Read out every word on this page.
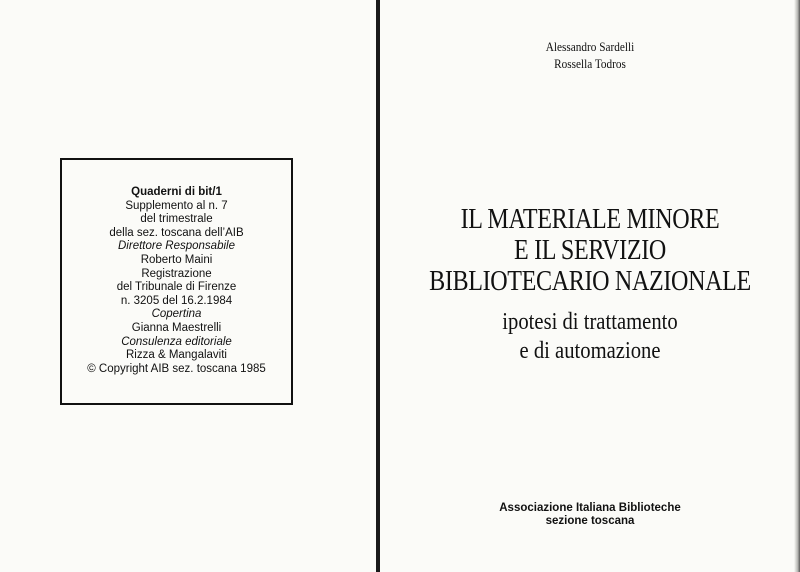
Quaderni di bit/1
Supplemento al n. 7
del trimestrale
della sez. toscana dell’AIB
Direttore Responsabile
Roberto Maini
Registrazione
del Tribunale di Firenze
n. 3205 del 16.2.1984
Copertina
Gianna Maestrelli
Consulenza editoriale
Rizza & Mangalaviti
© Copyright AIB sez. toscana 1985
Alessandro Sardelli
Rossella Todros
IL MATERIALE MINORE
E IL SERVIZIO
BIBLIOTECARIO NAZIONALE
ipotesi di trattamento
e di automazione
Associazione Italiana Biblioteche
sezione toscana
